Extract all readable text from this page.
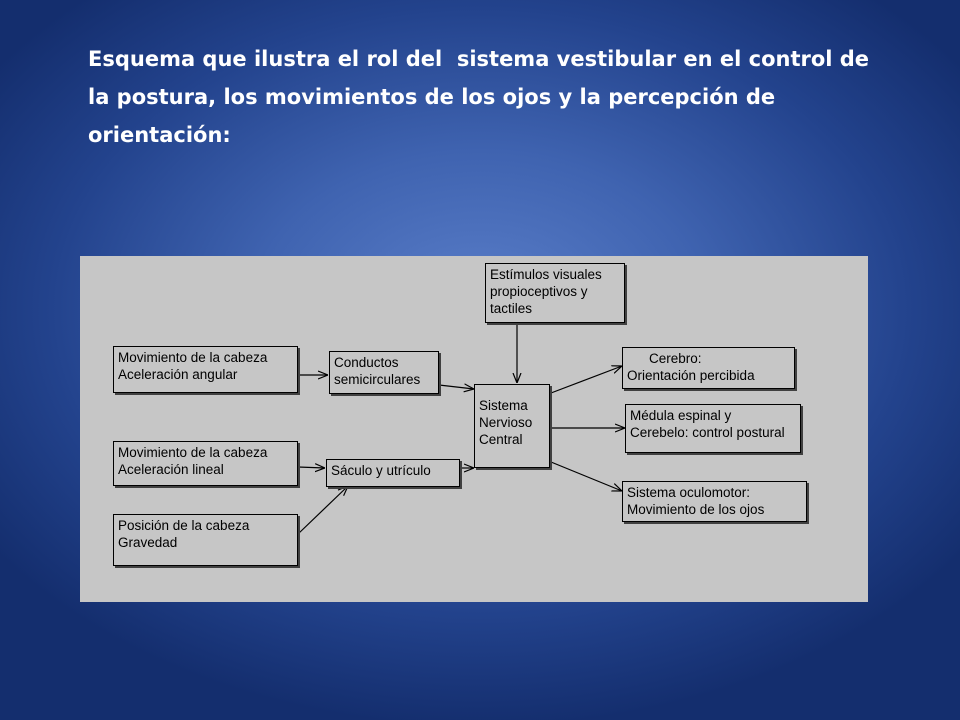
Esquema que ilustra el rol del  sistema vestibular en el control de
la postura, los movimientos de los ojos y la percepción de
orientación:
Movimiento de la cabeza
Aceleración angular
Movimiento de la cabeza
Aceleración lineal
Posición de la cabeza
Gravedad
Conductos
semicirculares
Sáculo y utrículo
Estímulos visuales
propioceptivos y
tactiles
Sistema
Nervioso
Central
Cerebro:
Orientación percibida
Médula espinal y
Cerebelo: control postural
Sistema oculomotor:
Movimiento de los ojos
